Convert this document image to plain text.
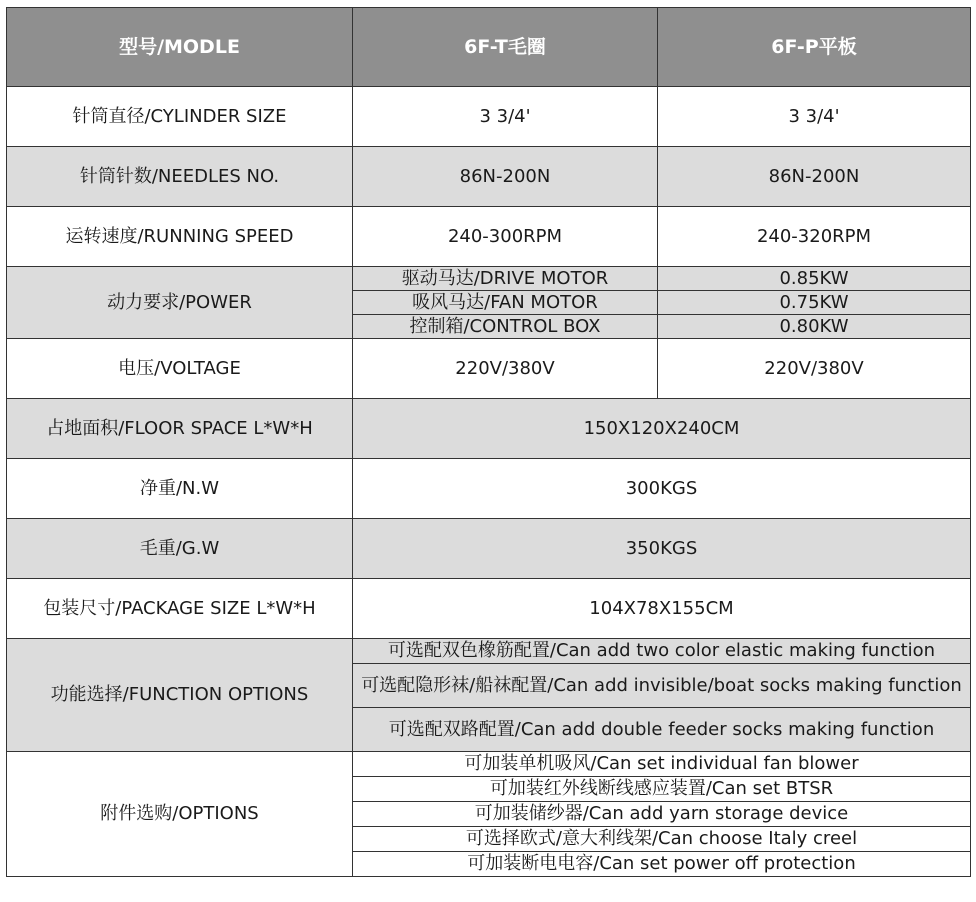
型号/MODLE	6F-T毛圈	6F-P平板
针筒直径/CYLINDER SIZE	3 3/4'	3 3/4'
针筒针数/NEEDLES NO.	86N-200N	86N-200N
运转速度/RUNNING SPEED	240-300RPM	240-320RPM
动力要求/POWER	驱动马达/DRIVE MOTOR	0.85KW
	吸风马达/FAN MOTOR	0.75KW
	控制箱/CONTROL BOX	0.80KW
电压/VOLTAGE	220V/380V	220V/380V
占地面积/FLOOR SPACE L*W*H	150X120X240CM	
净重/N.W	300KGS	
毛重/G.W	350KGS	
包装尺寸/PACKAGE SIZE L*W*H	104X78X155CM	
功能选择/FUNCTION OPTIONS	可选配双色橡筋配置/Can add two color elastic making function	
	可选配隐形袜/船袜配置/Can add invisible/boat socks making function	
	可选配双路配置/Can add double feeder socks making function	
附件选购/OPTIONS	可加装单机吸风/Can set individual fan blower	
	可加装红外线断线感应装置/Can set BTSR	
	可加装储纱器/Can add yarn storage device	
	可选择欧式/意大利线架/Can choose Italy creel	
	可加装断电电容/Can set power off protection	
